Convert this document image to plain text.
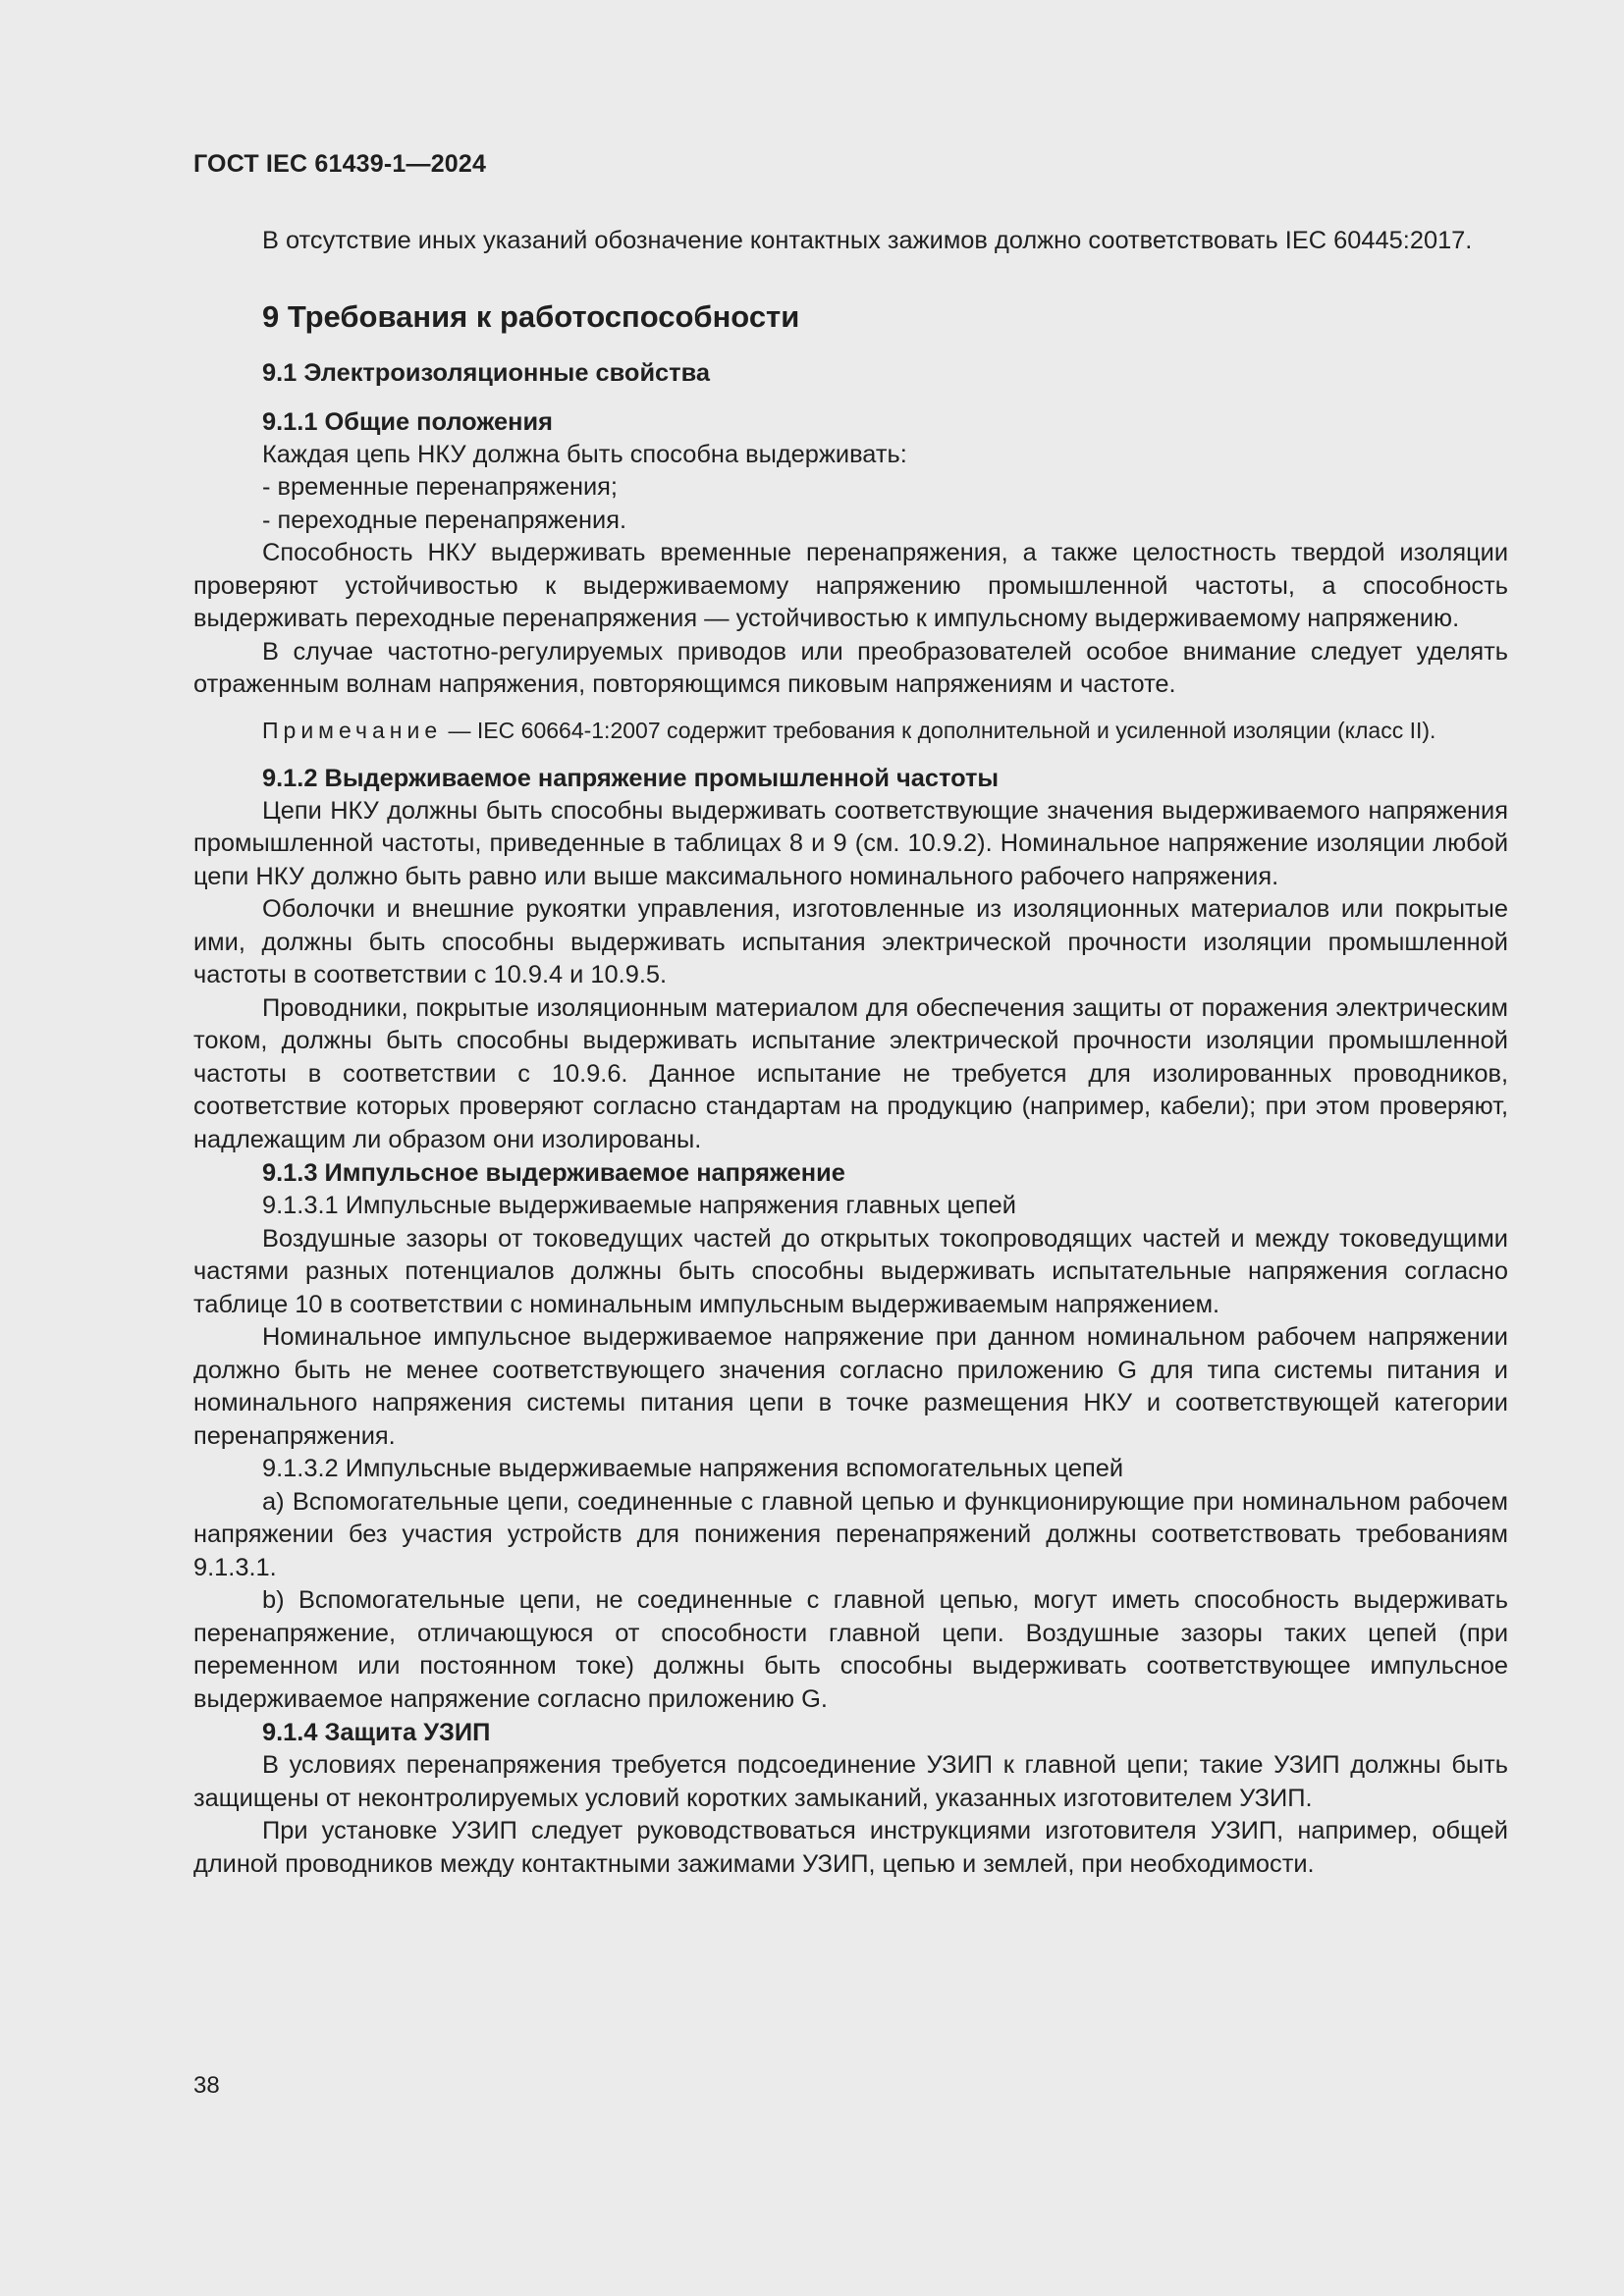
ГОСТ IEC 61439-1—2024

В отсутствие иных указаний обозначение контактных зажимов должно соответствовать IEC 60445:2017.

9 Требования к работоспособности

9.1 Электроизоляционные свойства

9.1.1 Общие положения

Каждая цепь НКУ должна быть способна выдерживать:

- временные перенапряжения;

- переходные перенапряжения.

Способность НКУ выдерживать временные перенапряжения, а также целостность твердой изоляции проверяют устойчивостью к выдерживаемому напряжению промышленной частоты, а способность выдерживать переходные перенапряжения — устойчивостью к импульсному выдерживаемому напряжению.

В случае частотно-регулируемых приводов или преобразователей особое внимание следует уделять отраженным волнам напряжения, повторяющимся пиковым напряжениям и частоте.

Примечание — IEC 60664-1:2007 содержит требования к дополнительной и усиленной изоляции (класс II).

9.1.2 Выдерживаемое напряжение промышленной частоты

Цепи НКУ должны быть способны выдерживать соответствующие значения выдерживаемого напряжения промышленной частоты, приведенные в таблицах 8 и 9 (см. 10.9.2). Номинальное напряжение изоляции любой цепи НКУ должно быть равно или выше максимального номинального рабочего напряжения.

Оболочки и внешние рукоятки управления, изготовленные из изоляционных материалов или покрытые ими, должны быть способны выдерживать испытания электрической прочности изоляции промышленной частоты в соответствии с 10.9.4 и 10.9.5.

Проводники, покрытые изоляционным материалом для обеспечения защиты от поражения электрическим током, должны быть способны выдерживать испытание электрической прочности изоляции промышленной частоты в соответствии с 10.9.6. Данное испытание не требуется для изолированных проводников, соответствие которых проверяют согласно стандартам на продукцию (например, кабели); при этом проверяют, надлежащим ли образом они изолированы.

9.1.3 Импульсное выдерживаемое напряжение

9.1.3.1 Импульсные выдерживаемые напряжения главных цепей

Воздушные зазоры от токоведущих частей до открытых токопроводящих частей и между токоведущими частями разных потенциалов должны быть способны выдерживать испытательные напряжения согласно таблице 10 в соответствии с номинальным импульсным выдерживаемым напряжением.

Номинальное импульсное выдерживаемое напряжение при данном номинальном рабочем напряжении должно быть не менее соответствующего значения согласно приложению G для типа системы питания и номинального напряжения системы питания цепи в точке размещения НКУ и соответствующей категории перенапряжения.

9.1.3.2 Импульсные выдерживаемые напряжения вспомогательных цепей

a) Вспомогательные цепи, соединенные с главной цепью и функционирующие при номинальном рабочем напряжении без участия устройств для понижения перенапряжений должны соответствовать требованиям 9.1.3.1.

b) Вспомогательные цепи, не соединенные с главной цепью, могут иметь способность выдерживать перенапряжение, отличающуюся от способности главной цепи. Воздушные зазоры таких цепей (при переменном или постоянном токе) должны быть способны выдерживать соответствующее импульсное выдерживаемое напряжение согласно приложению G.

9.1.4 Защита УЗИП

В условиях перенапряжения требуется подсоединение УЗИП к главной цепи; такие УЗИП должны быть защищены от неконтролируемых условий коротких замыканий, указанных изготовителем УЗИП.

При установке УЗИП следует руководствоваться инструкциями изготовителя УЗИП, например, общей длиной проводников между контактными зажимами УЗИП, цепью и землей, при необходимости.

38
